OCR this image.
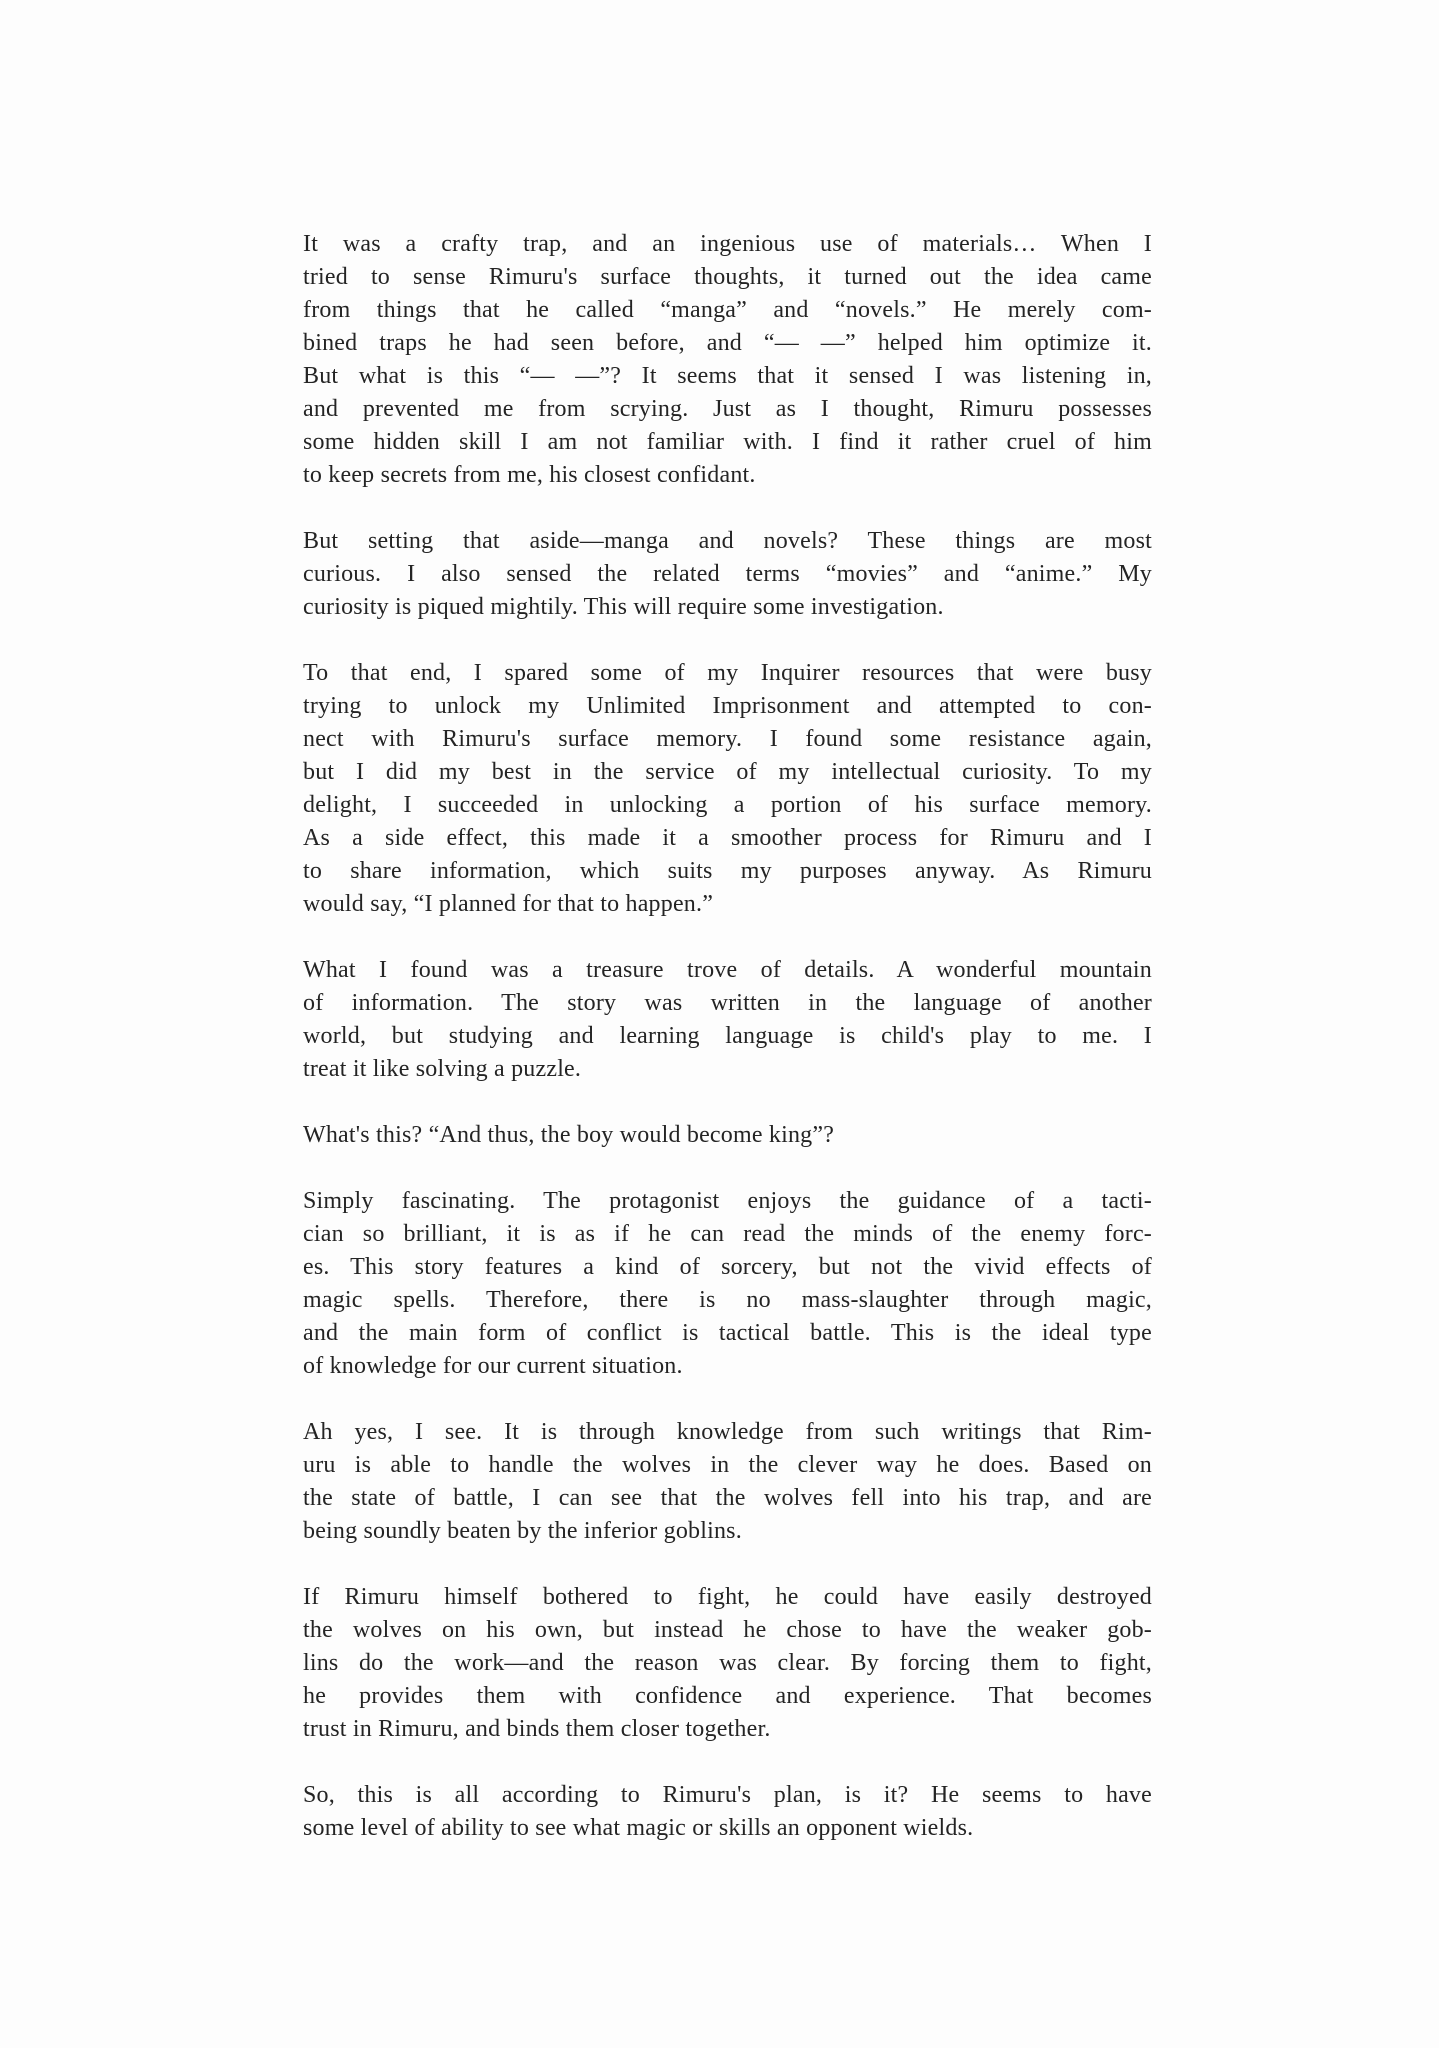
It was a crafty trap, and an ingenious use of materials… When I
tried to sense Rimuru's surface thoughts, it turned out the idea came
from things that he called “manga” and “novels.” He merely com-
bined traps he had seen before, and “— —” helped him optimize it.
But what is this “— —”? It seems that it sensed I was listening in,
and prevented me from scrying. Just as I thought, Rimuru possesses
some hidden skill I am not familiar with. I find it rather cruel of him
to keep secrets from me, his closest confidant.
But setting that aside—manga and novels? These things are most
curious. I also sensed the related terms “movies” and “anime.” My
curiosity is piqued mightily. This will require some investigation.
To that end, I spared some of my Inquirer resources that were busy
trying to unlock my Unlimited Imprisonment and attempted to con-
nect with Rimuru's surface memory. I found some resistance again,
but I did my best in the service of my intellectual curiosity. To my
delight, I succeeded in unlocking a portion of his surface memory.
As a side effect, this made it a smoother process for Rimuru and I
to share information, which suits my purposes anyway. As Rimuru
would say, “I planned for that to happen.”
What I found was a treasure trove of details. A wonderful mountain
of information. The story was written in the language of another
world, but studying and learning language is child's play to me. I
treat it like solving a puzzle.
What's this? “And thus, the boy would become king”?
Simply fascinating. The protagonist enjoys the guidance of a tacti-
cian so brilliant, it is as if he can read the minds of the enemy forc-
es. This story features a kind of sorcery, but not the vivid effects of
magic spells. Therefore, there is no mass-slaughter through magic,
and the main form of conflict is tactical battle. This is the ideal type
of knowledge for our current situation.
Ah yes, I see. It is through knowledge from such writings that Rim-
uru is able to handle the wolves in the clever way he does. Based on
the state of battle, I can see that the wolves fell into his trap, and are
being soundly beaten by the inferior goblins.
If Rimuru himself bothered to fight, he could have easily destroyed
the wolves on his own, but instead he chose to have the weaker gob-
lins do the work—and the reason was clear. By forcing them to fight,
he provides them with confidence and experience. That becomes
trust in Rimuru, and binds them closer together.
So, this is all according to Rimuru's plan, is it? He seems to have
some level of ability to see what magic or skills an opponent wields.
